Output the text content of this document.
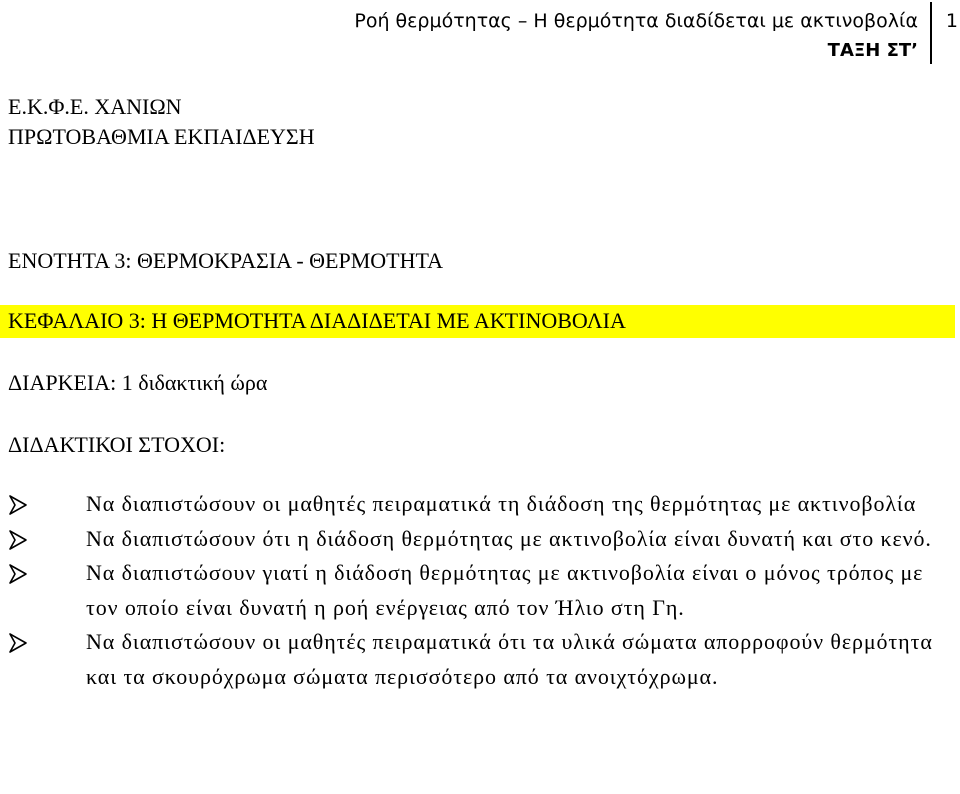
Ροή θερμότητας – Η θερμότητα διαδίδεται με ακτινοβολία
ΤΑΞΗ ΣΤ’
1
Ε.Κ.Φ.Ε. ΧΑΝΙΩΝ
ΠΡΩΤΟΒΑΘΜΙΑ ΕΚΠΑΙΔΕΥΣΗ
ΕΝΟΤΗΤΑ 3: ΘΕΡΜΟΚΡΑΣΙΑ - ΘΕΡΜΟΤΗΤΑ
ΚΕΦΑΛΑΙΟ 3: Η ΘΕΡΜΟΤΗΤΑ ΔΙΑΔΙΔΕΤΑΙ ΜΕ ΑΚΤΙΝΟΒΟΛΙΑ
ΔΙΑΡΚΕΙΑ: 1 διδακτική ώρα
ΔΙΔΑΚΤΙΚΟΙ ΣΤΟΧΟΙ:
Να διαπιστώσουν οι μαθητές πειραματικά τη διάδοση της θερμότητας με ακτινοβολία
Να διαπιστώσουν ότι η διάδοση θερμότητας με ακτινοβολία είναι δυνατή και στο κενό.
Να διαπιστώσουν γιατί η διάδοση θερμότητας με ακτινοβολία είναι ο μόνος τρόπος με τον οποίο είναι δυνατή η ροή ενέργειας από τον Ήλιο στη Γη.
Να διαπιστώσουν οι μαθητές πειραματικά ότι τα υλικά σώματα απορροφούν θερμότητα και τα σκουρόχρωμα σώματα περισσότερο από τα ανοιχτόχρωμα.
